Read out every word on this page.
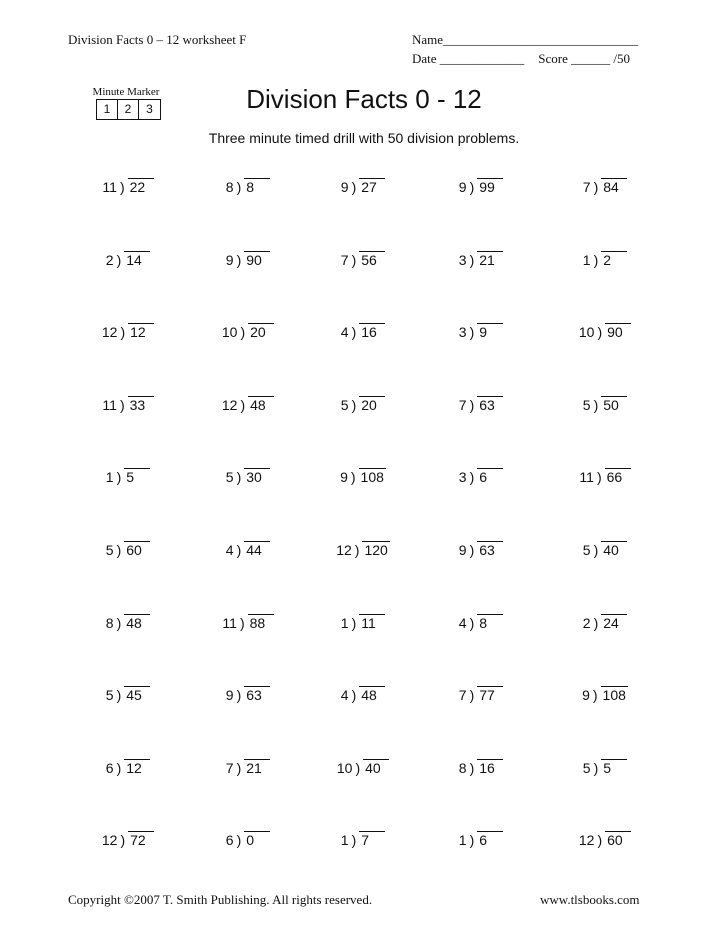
Division Facts 0 – 12 worksheet F	Name______________________________
Date _____________ Score ______ /50
Minute Marker
1	2	3	Division Facts 0 - 12
Three minute timed drill with 50 division problems.
11 ) 22	8 ) 8	9 ) 27	9 ) 99	7 ) 84
2 ) 14	9 ) 90	7 ) 56	3 ) 21	1 ) 2
12 ) 12	10 ) 20	4 ) 16	3 ) 9	10 ) 90
11 ) 33	12 ) 48	5 ) 20	7 ) 63	5 ) 50
1 ) 5	5 ) 30	9 ) 108	3 ) 6	11 ) 66
5 ) 60	4 ) 44	12 ) 120	9 ) 63	5 ) 40
8 ) 48	11 ) 88	1 ) 11	4 ) 8	2 ) 24
5 ) 45	9 ) 63	4 ) 48	7 ) 77	9 ) 108
6 ) 12	7 ) 21	10 ) 40	8 ) 16	5 ) 5
12 ) 72	6 ) 0	1 ) 7	1 ) 6	12 ) 60
Copyright ©2007 T. Smith Publishing. All rights reserved.	www.tlsbooks.com
